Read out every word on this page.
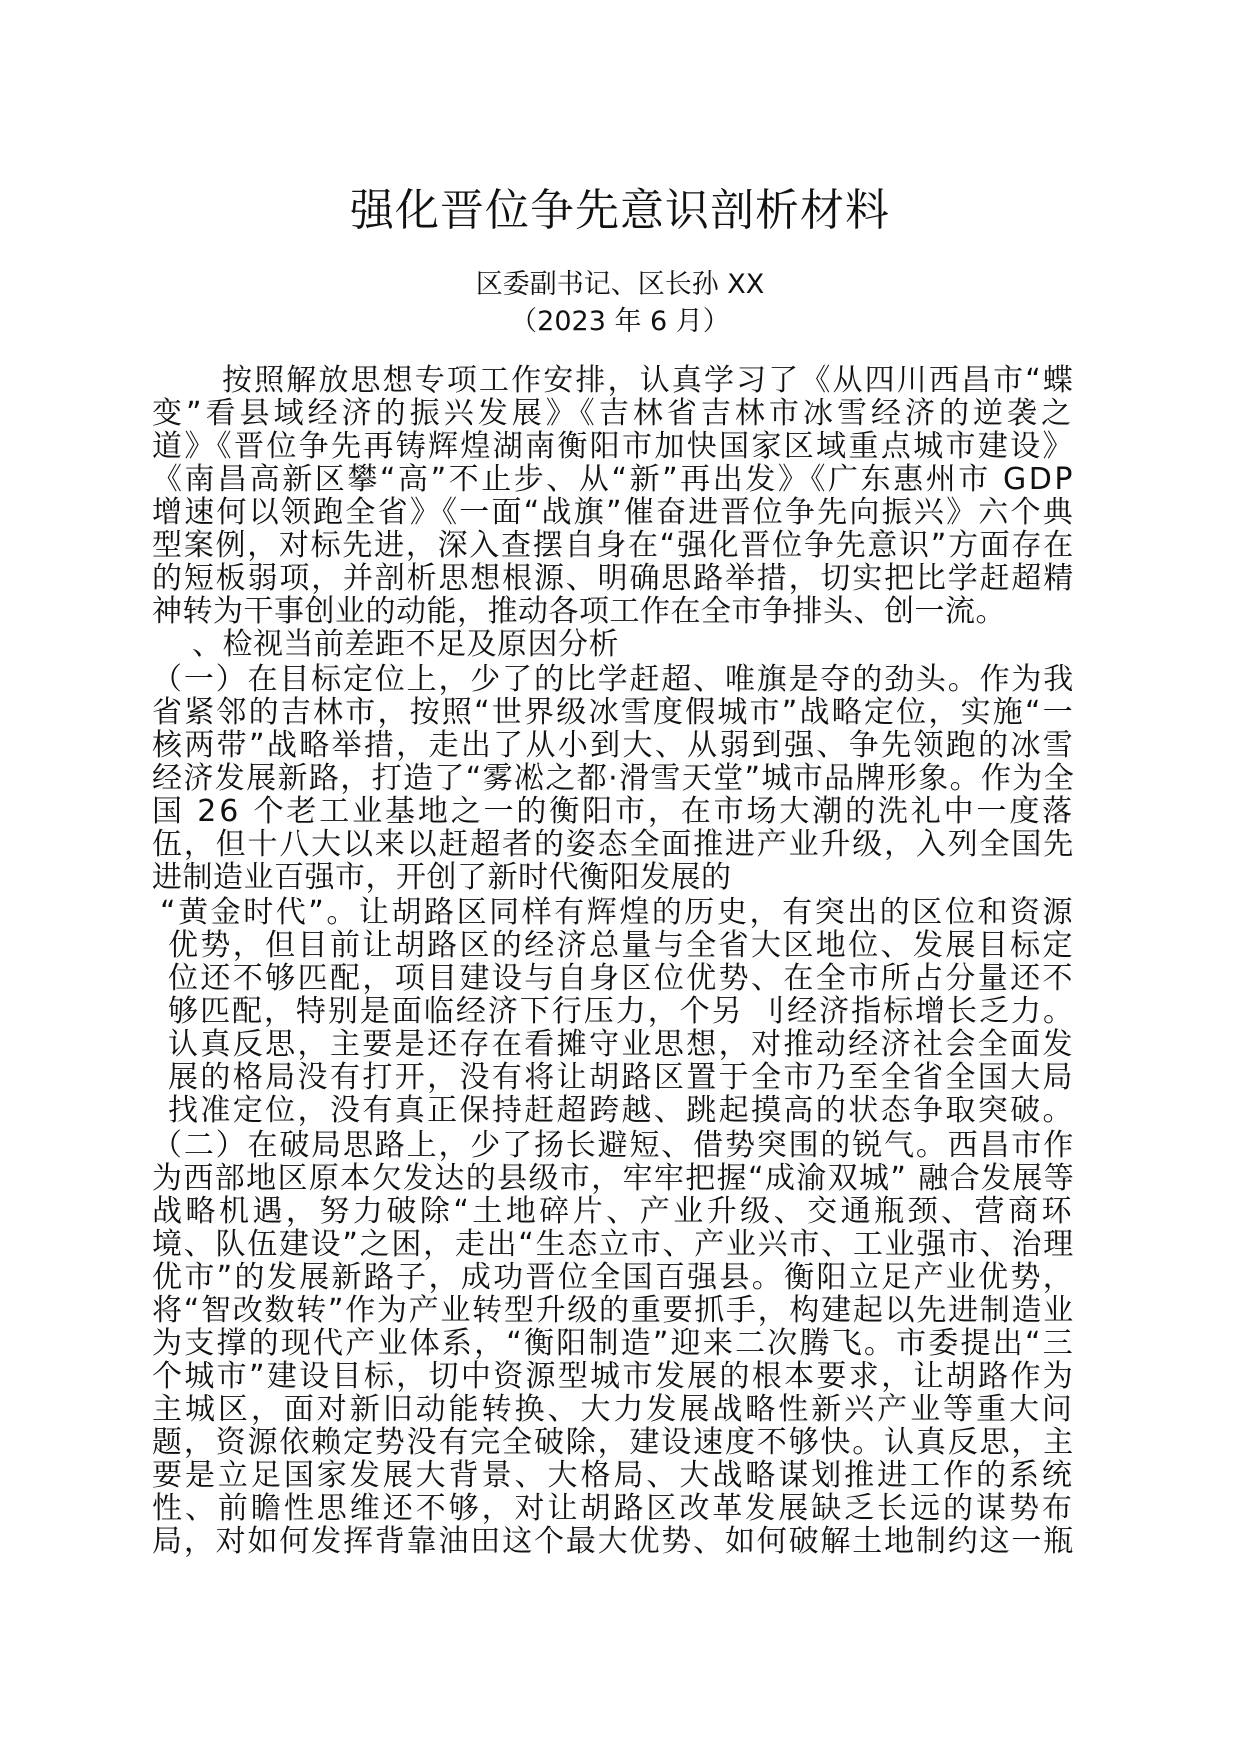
强化晋位争先意识剖析材料
区委副书记、区长孙 XX
（2023 年 6 月）
按照解放思想专项工作安排，认真学习了《从四川西昌市“蝶
变”看县域经济的振兴发展》《吉林省吉林市冰雪经济的逆袭之
道》《晋位争先再铸辉煌湖南衡阳市加快国家区域重点城市建设》
《南昌高新区攀“高”不止步、从“新”再出发》《广东惠州市 GDP
增速何以领跑全省》《一面“战旗”催奋进晋位争先向振兴》六个典
型案例，对标先进，深入查摆自身在“强化晋位争先意识”方面存在
的短板弱项，并剖析思想根源、明确思路举措，切实把比学赶超精
神转为干事创业的动能，推动各项工作在全市争排头、创一流。
、检视当前差距不足及原因分析
（一）在目标定位上，少了的比学赶超、唯旗是夺的劲头。作为我
省紧邻的吉林市，按照“世界级冰雪度假城市”战略定位，实施“一
核两带”战略举措，走出了从小到大、从弱到强、争先领跑的冰雪
经济发展新路，打造了“雾凇之都·滑雪天堂”城市品牌形象。作为全
国 26 个老工业基地之一的衡阳市，在市场大潮的洗礼中一度落
伍，但十八大以来以赶超者的姿态全面推进产业升级，入列全国先
进制造业百强市，开创了新时代衡阳发展的
“黄金时代”。让胡路区同样有辉煌的历史，有突出的区位和资源
优势，但目前让胡路区的经济总量与全省大区地位、发展目标定
位还不够匹配，项目建设与自身区位优势、在全市所占分量还不
够匹配，特别是面临经济下行压力，个另 刂经济指标增长乏力。
认真反思，主要是还存在看摊守业思想，对推动经济社会全面发
展的格局没有打开，没有将让胡路区置于全市乃至全省全国大局
找准定位，没有真正保持赶超跨越、跳起摸高的状态争取突破。
（二）在破局思路上，少了扬长避短、借势突围的锐气。西昌市作
为西部地区原本欠发达的县级市，牢牢把握“成渝双城” 融合发展等
战略机遇，努力破除“土地碎片、产业升级、交通瓶颈、营商环
境、队伍建设”之困，走出“生态立市、产业兴市、工业强市、治理
优市”的发展新路子，成功晋位全国百强县。衡阳立足产业优势，
将“智改数转”作为产业转型升级的重要抓手，构建起以先进制造业
为支撑的现代产业体系，“衡阳制造”迎来二次腾飞。市委提出“三
个城市”建设目标，切中资源型城市发展的根本要求，让胡路作为
主城区，面对新旧动能转换、大力发展战略性新兴产业等重大问
题，资源依赖定势没有完全破除，建设速度不够快。认真反思，主
要是立足国家发展大背景、大格局、大战略谋划推进工作的系统
性、前瞻性思维还不够，对让胡路区改革发展缺乏长远的谋势布
局，对如何发挥背靠油田这个最大优势、如何破解土地制约这一瓶
